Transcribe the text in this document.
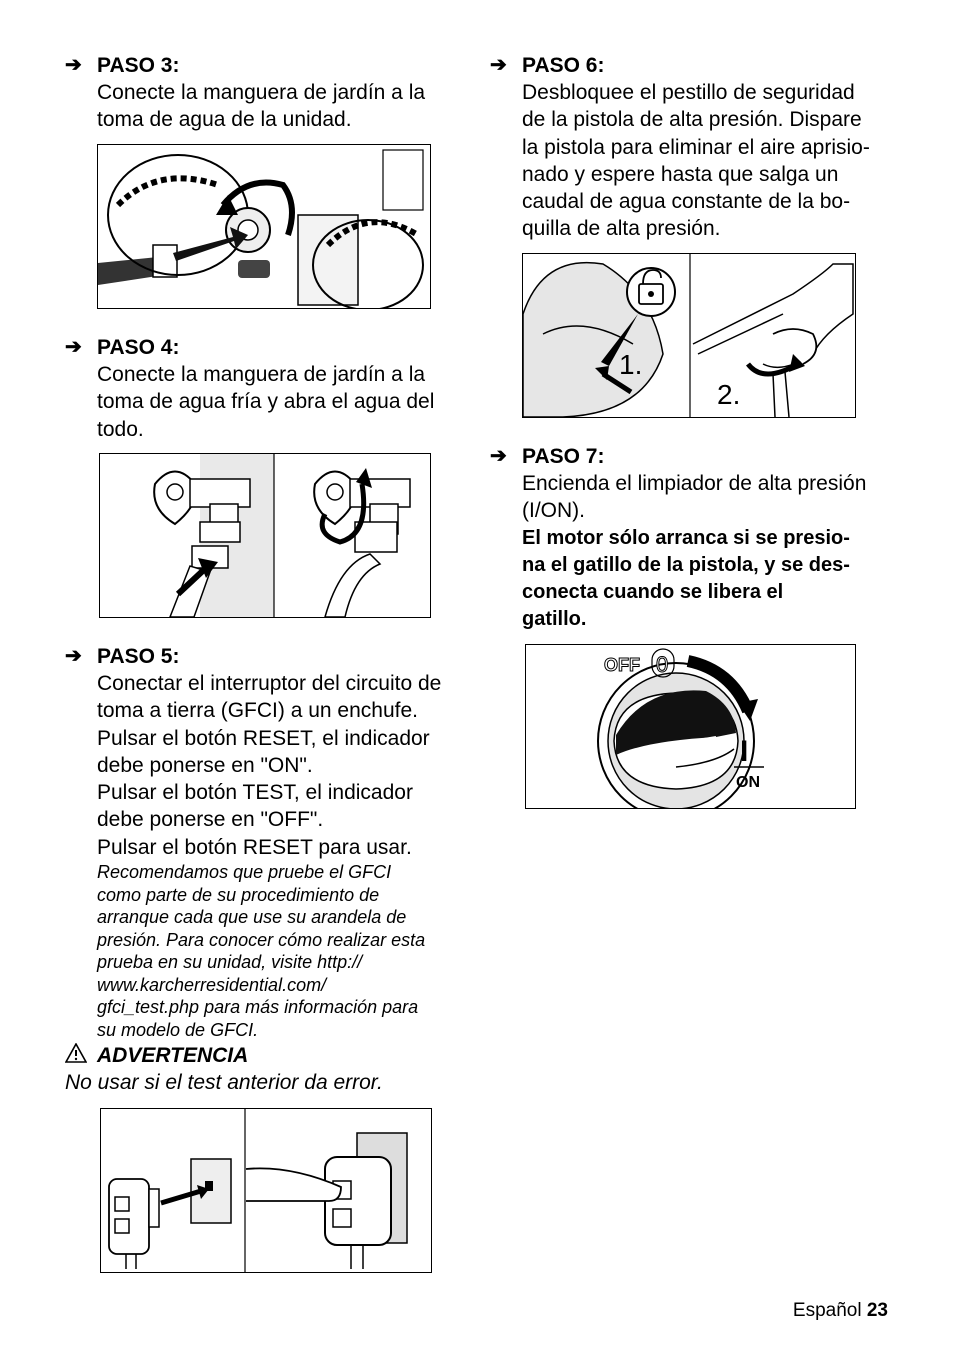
➔ PASO 3:
Conecte la manguera de jardín a la
toma de agua de la unidad.
➔ PASO 4:
Conecte la manguera de jardín a la
toma de agua fría y abra el agua del
todo.
➔ PASO 5:
Conectar el interruptor del circuito de
toma a tierra (GFCI) a un enchufe.
Pulsar el botón RESET, el indicador
debe ponerse en "ON".
Pulsar el botón TEST, el indicador
debe ponerse en "OFF".
Pulsar el botón RESET para usar.
Recomendamos que pruebe el GFCI
como parte de su procedimiento de
arranque cada que use su arandela de
presión. Para conocer cómo realizar esta
prueba en su unidad, visite http://
www.karcherresidential.com/
gfci_test.php para más información para
su modelo de GFCI.
ADVERTENCIA
No usar si el test anterior da error.
➔ PASO 6:
Desbloquee el pestillo de seguridad
de la pistola de alta presión. Dispare
la pistola para eliminar el aire aprisio-
nado y espere hasta que salga un
caudal de agua constante de la bo-
quilla de alta presión.
1.
2.
➔ PASO 7:
Encienda el limpiador de alta presión
(I/ON).
El motor sólo arranca si se presio-
na el gatillo de la pistola, y se des-
conecta cuando se libera el
gatillo.
OFF 0
I
ON
Español 23
